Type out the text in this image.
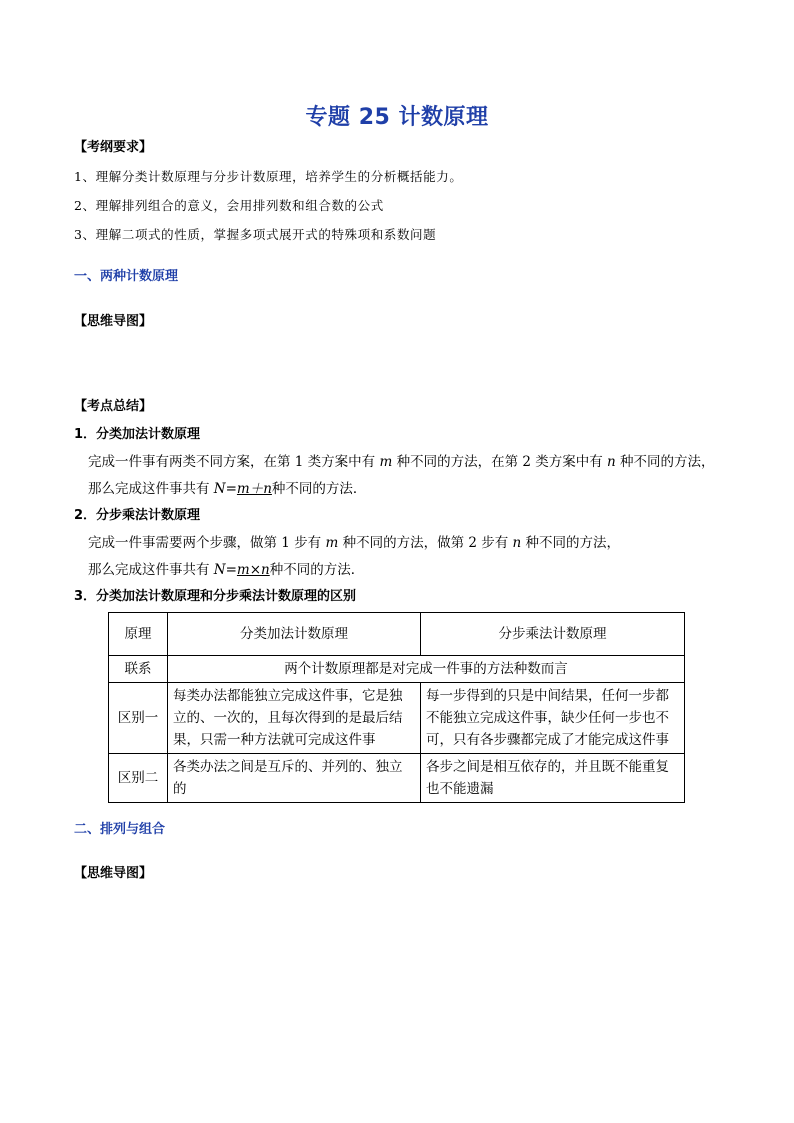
专题 25 计数原理
【考纲要求】
1、理解分类计数原理与分步计数原理，培养学生的分析概括能力。
2、理解排列组合的意义，会用排列数和组合数的公式
3、理解二项式的性质，掌握多项式展开式的特殊项和系数问题
一、两种计数原理
【思维导图】
【考点总结】
1．分类加法计数原理
完成一件事有两类不同方案，在第 1 类方案中有 m 种不同的方法，在第 2 类方案中有 n 种不同的方法，
那么完成这件事共有 N=m＋n种不同的方法．
2．分步乘法计数原理
完成一件事需要两个步骤，做第 1 步有 m 种不同的方法，做第 2 步有 n 种不同的方法，
那么完成这件事共有 N=m×n种不同的方法．
3．分类加法计数原理和分步乘法计数原理的区别
原理	分类加法计数原理	分步乘法计数原理
联系	两个计数原理都是对完成一件事的方法种数而言	
区别一	每类办法都能独立完成这件事，它是独立的、一次的，且每次得到的是最后结果，只需一种方法就可完成这件事	每一步得到的只是中间结果，任何一步都不能独立完成这件事，缺少任何一步也不可，只有各步骤都完成了才能完成这件事
区别二	各类办法之间是互斥的、并列的、独立的	各步之间是相互依存的，并且既不能重复也不能遗漏
二、排列与组合
【思维导图】
